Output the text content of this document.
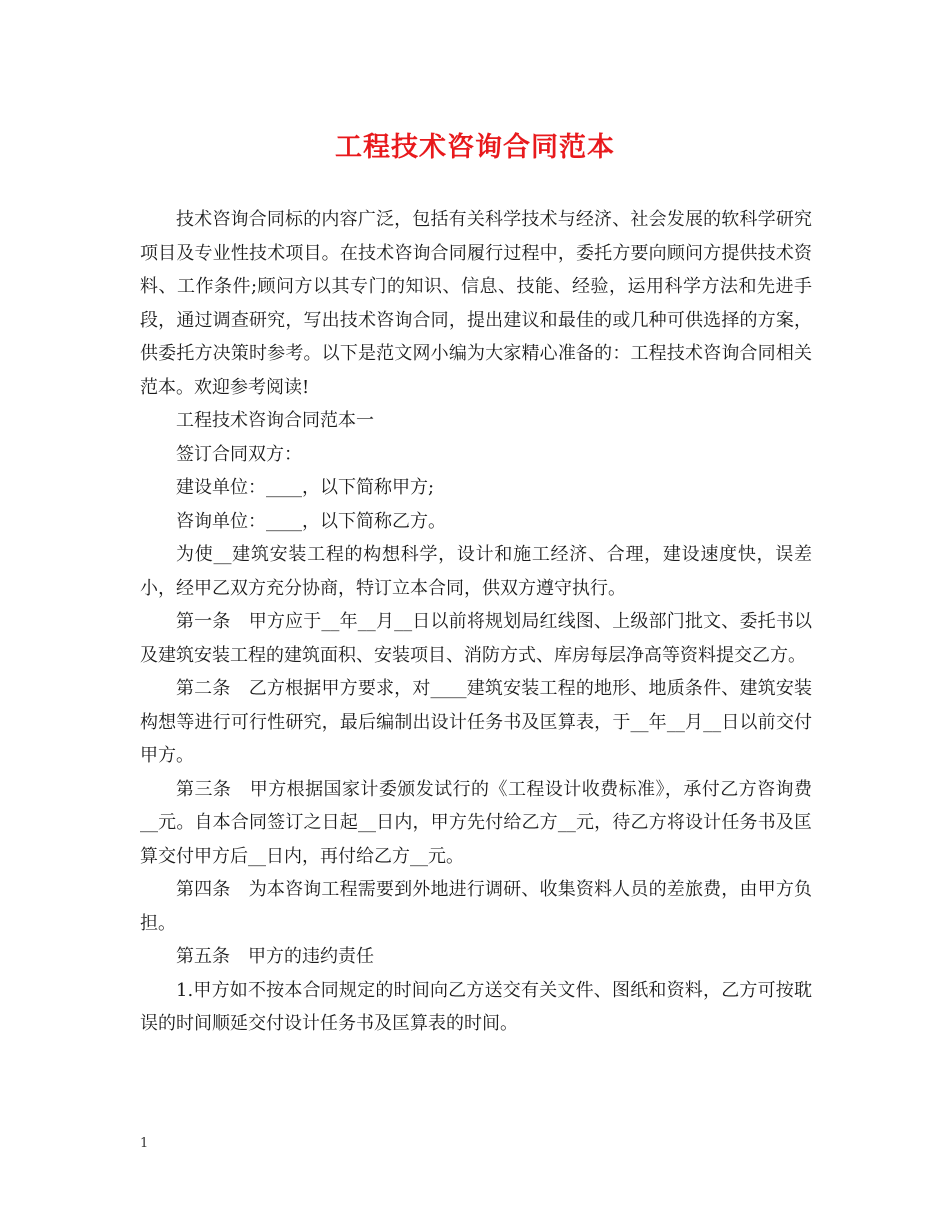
工程技术咨询合同范本

技术咨询合同标的内容广泛，包括有关科学技术与经济、社会发展的软科学研究项目及专业性技术项目。在技术咨询合同履行过程中，委托方要向顾问方提供技术资料、工作条件;顾问方以其专门的知识、信息、技能、经验，运用科学方法和先进手段，通过调查研究，写出技术咨询合同，提出建议和最佳的或几种可供选择的方案，供委托方决策时参考。以下是范文网小编为大家精心准备的：工程技术咨询合同相关范本。欢迎参考阅读!

工程技术咨询合同范本一

签订合同双方：

建设单位：____，以下简称甲方;

咨询单位：____，以下简称乙方。

为使__建筑安装工程的构想科学，设计和施工经济、合理，建设速度快，误差小，经甲乙双方充分协商，特订立本合同，供双方遵守执行。

第一条　甲方应于__年__月__日以前将规划局红线图、上级部门批文、委托书以及建筑安装工程的建筑面积、安装项目、消防方式、库房每层净高等资料提交乙方。

第二条　乙方根据甲方要求，对____建筑安装工程的地形、地质条件、建筑安装构想等进行可行性研究，最后编制出设计任务书及匡算表，于__年__月__日以前交付甲方。

第三条　甲方根据国家计委颁发试行的《工程设计收费标准》，承付乙方咨询费__元。自本合同签订之日起__日内，甲方先付给乙方__元，待乙方将设计任务书及匡算交付甲方后__日内，再付给乙方__元。

第四条　为本咨询工程需要到外地进行调研、收集资料人员的差旅费，由甲方负担。

第五条　甲方的违约责任

1.甲方如不按本合同规定的时间向乙方送交有关文件、图纸和资料，乙方可按耽误的时间顺延交付设计任务书及匡算表的时间。

1
